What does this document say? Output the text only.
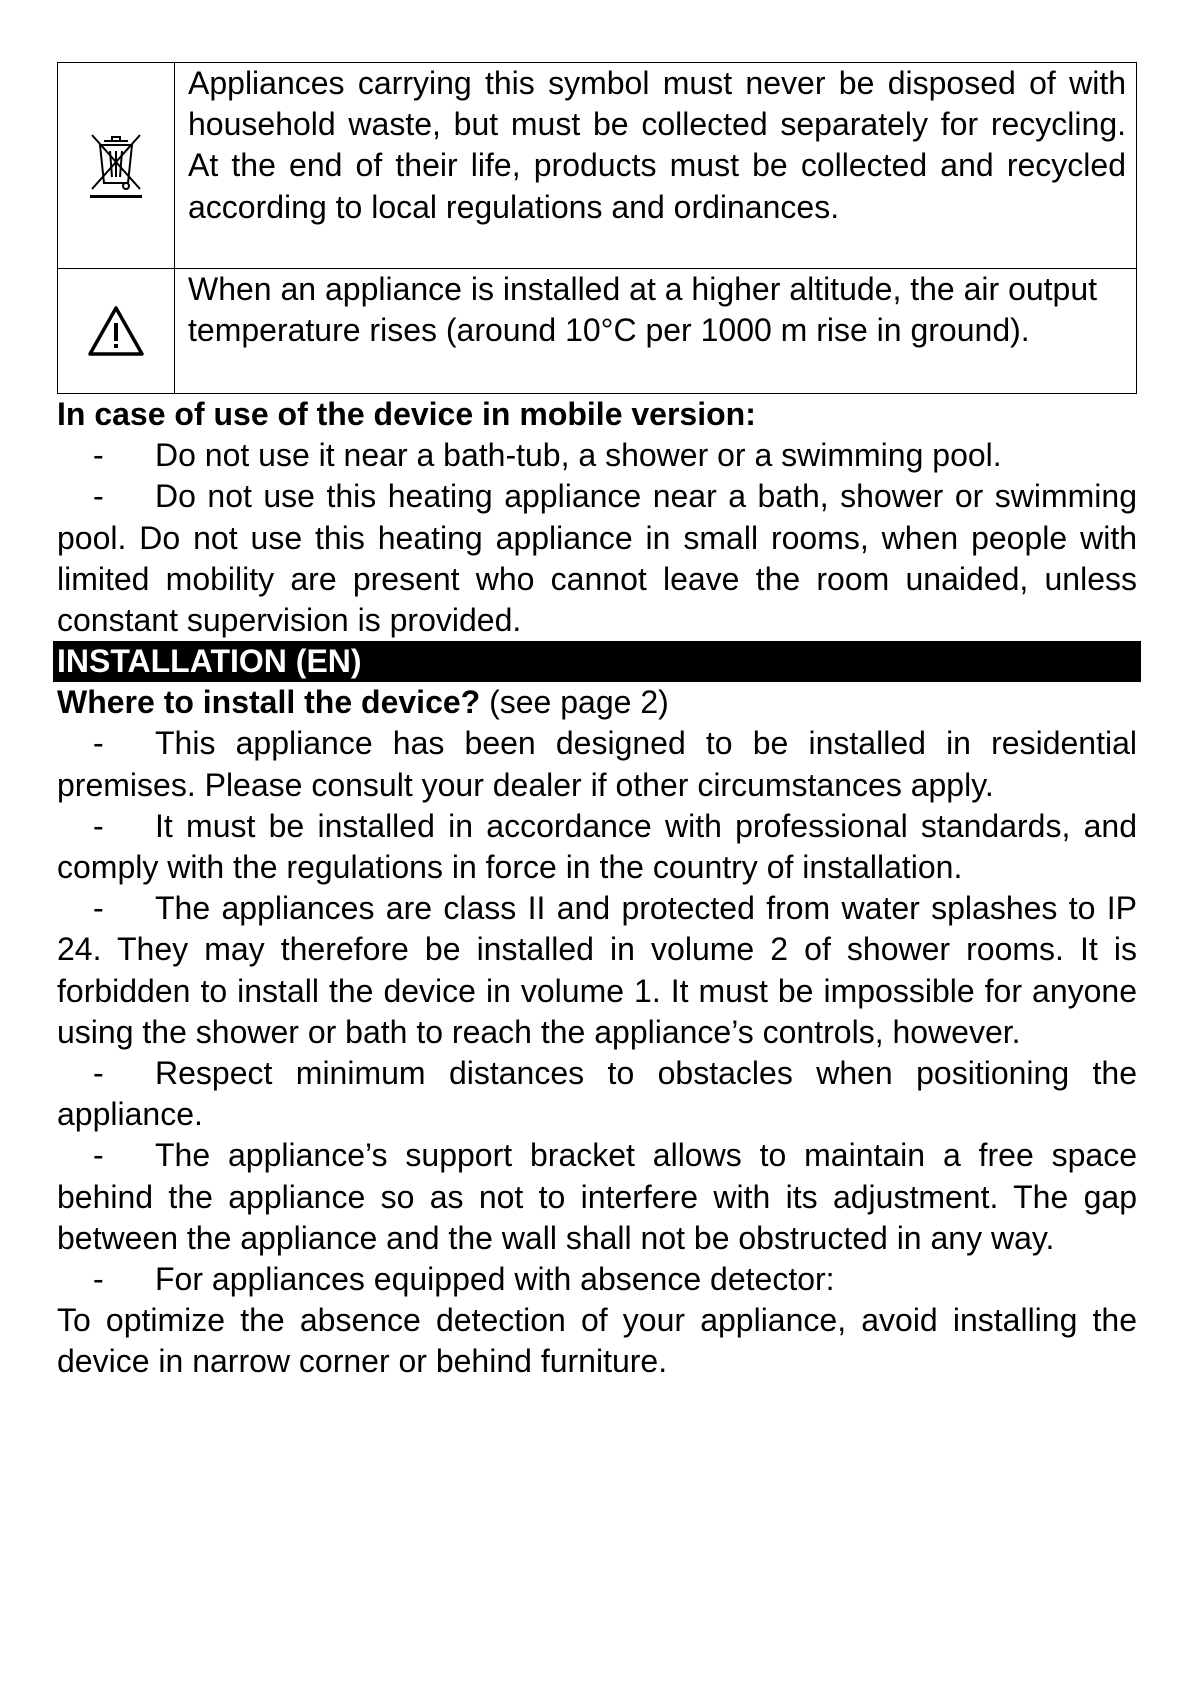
	Appliances carrying this symbol must never be disposed of with household waste, but must be collected separately for recycling. At the end of their life, products must be collected and recycled according to local regulations and ordinances.

	When an appliance is installed at a higher altitude, the air output temperature rises (around 10°C per 1000 m rise in ground).

In case of use of the device in mobile version:

- Do not use it near a bath-tub, a shower or a swimming pool.

- Do not use this heating appliance near a bath, shower or swimming pool. Do not use this heating appliance in small rooms, when people with limited mobility are present who cannot leave the room unaided, unless constant supervision is provided.

INSTALLATION (EN)

Where to install the device? (see page 2)

- This appliance has been designed to be installed in residential premises. Please consult your dealer if other circumstances apply.

- It must be installed in accordance with professional standards, and comply with the regulations in force in the country of installation.

- The appliances are class II and protected from water splashes to IP 24. They may therefore be installed in volume 2 of shower rooms. It is forbidden to install the device in volume 1. It must be impossible for anyone using the shower or bath to reach the appliance’s controls, however.

- Respect minimum distances to obstacles when positioning the appliance.

- The appliance’s support bracket allows to maintain a free space behind the appliance so as not to interfere with its adjustment. The gap between the appliance and the wall shall not be obstructed in any way.

- For appliances equipped with absence detector:

To optimize the absence detection of your appliance, avoid installing the device in narrow corner or behind furniture.
